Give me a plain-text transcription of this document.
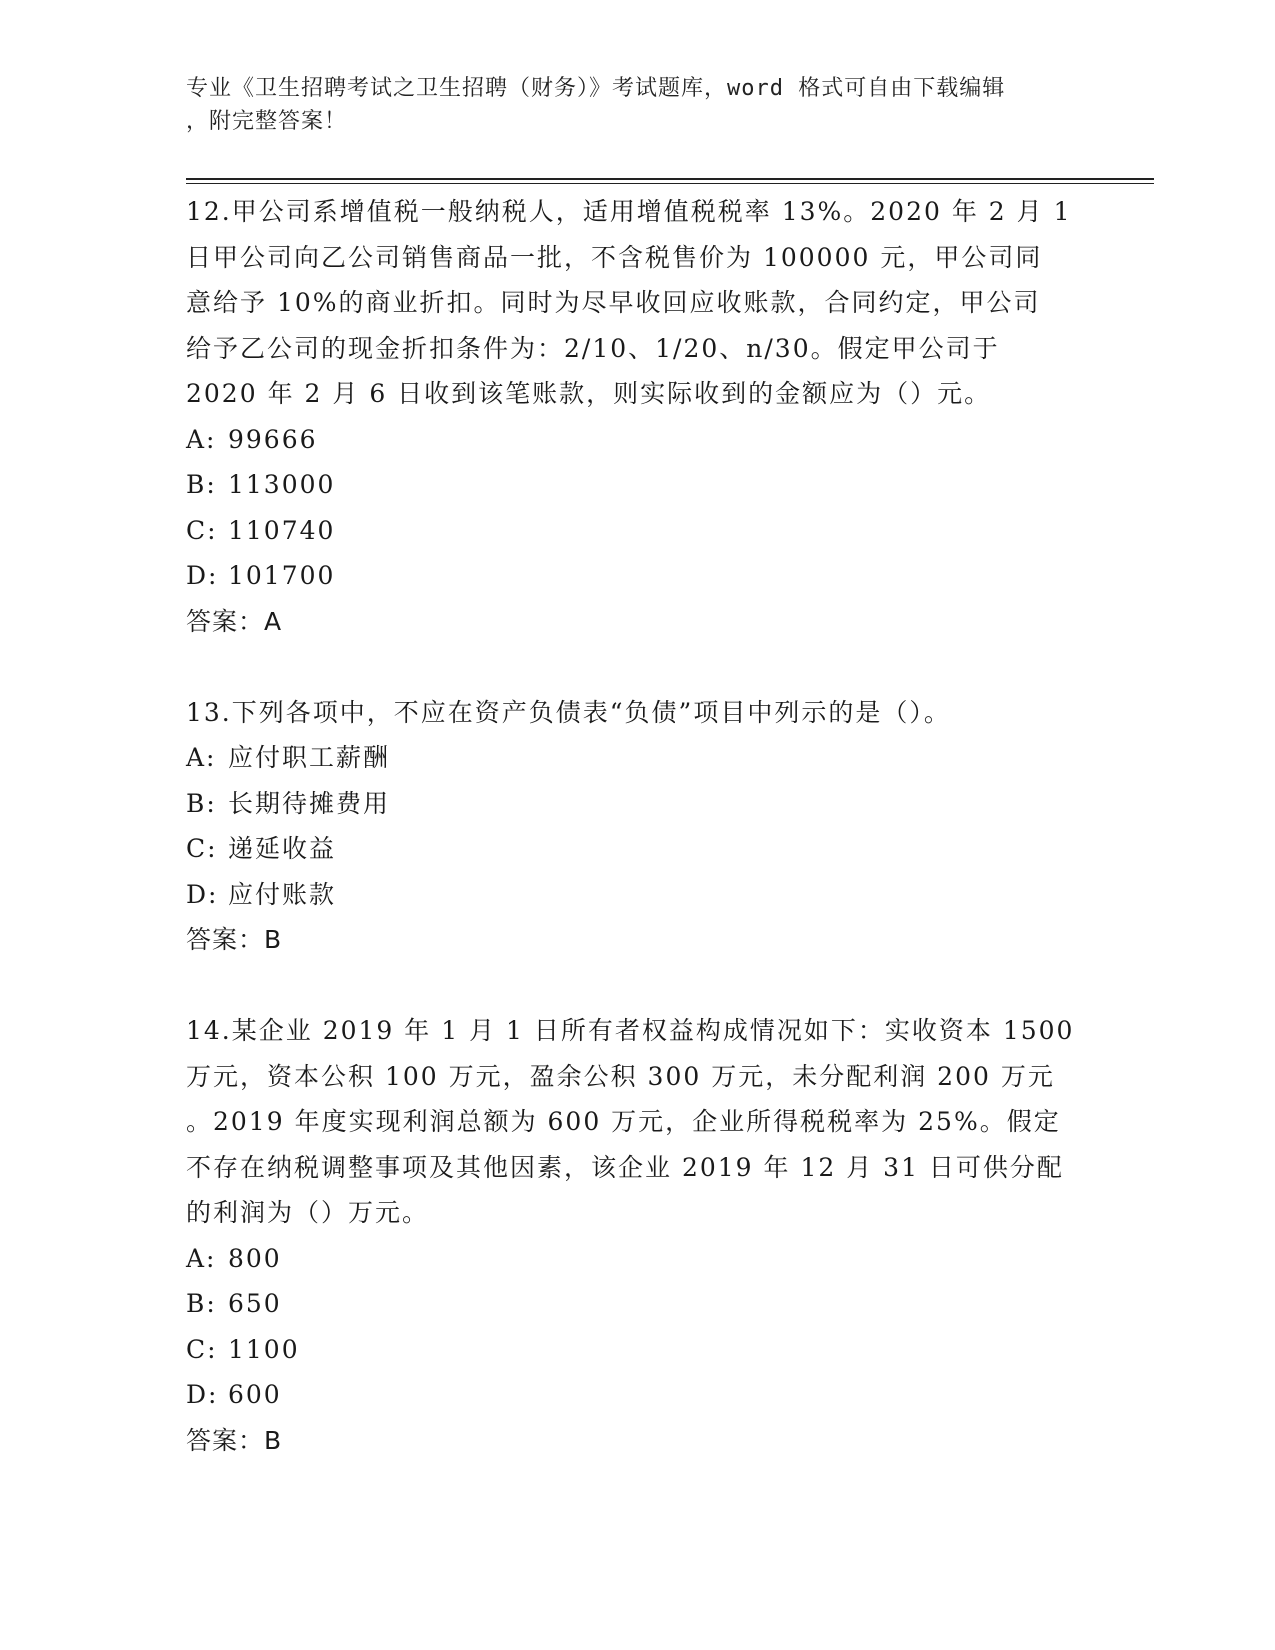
专业《卫生招聘考试之卫生招聘（财务）》考试题库，word 格式可自由下载编辑
，附完整答案！
12.甲公司系增值税一般纳税人，适用增值税税率 13%。2020 年 2 月 1
日甲公司向乙公司销售商品一批，不含税售价为 100000 元，甲公司同
意给予 10%的商业折扣。同时为尽早收回应收账款，合同约定，甲公司
给予乙公司的现金折扣条件为：2/10、1/20、n/30。假定甲公司于
2020 年 2 月 6 日收到该笔账款，则实际收到的金额应为（）元。
A: 99666
B: 113000
C: 110740
D: 101700
答案：A
13.下列各项中，不应在资产负债表“负债”项目中列示的是（）。
A: 应付职工薪酬
B: 长期待摊费用
C: 递延收益
D: 应付账款
答案：B
14.某企业 2019 年 1 月 1 日所有者权益构成情况如下：实收资本 1500
万元，资本公积 100 万元，盈余公积 300 万元，未分配利润 200 万元
。2019 年度实现利润总额为 600 万元，企业所得税税率为 25%。假定
不存在纳税调整事项及其他因素，该企业 2019 年 12 月 31 日可供分配
的利润为（）万元。
A: 800
B: 650
C: 1100
D: 600
答案：B
